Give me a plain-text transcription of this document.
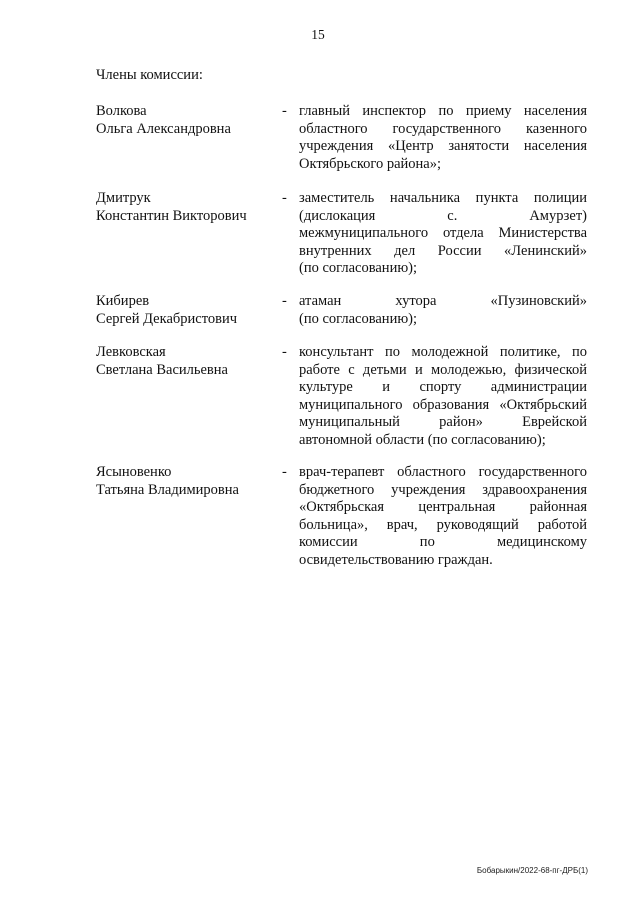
15
Члены комиссии:
Волкова
Ольга Александровна
- главный инспектор по приему населения
областного государственного казенного
учреждения «Центр занятости населения
Октябрьского района»;
Дмитрук
Константин Викторович
- заместитель начальника пункта полиции
(дислокация с. Амурзет)
межмуниципального отдела Министерства
внутренних дел России «Ленинский»
(по согласованию);
Кибирев
Сергей Декабристович
- атаман хутора «Пузиновский»
(по согласованию);
Левковская
Светлана Васильевна
- консультант по молодежной политике, по
работе с детьми и молодежью, физической
культуре и спорту администрации
муниципального образования «Октябрьский
муниципальный район» Еврейской
автономной области (по согласованию);
Ясыновенко
Татьяна Владимировна
- врач-терапевт областного государственного
бюджетного учреждения здравоохранения
«Октябрьская центральная районная
больница», врач, руководящий работой
комиссии по медицинскому
освидетельствованию граждан.
Бобарыкин/2022-68-пг-ДРБ(1)
